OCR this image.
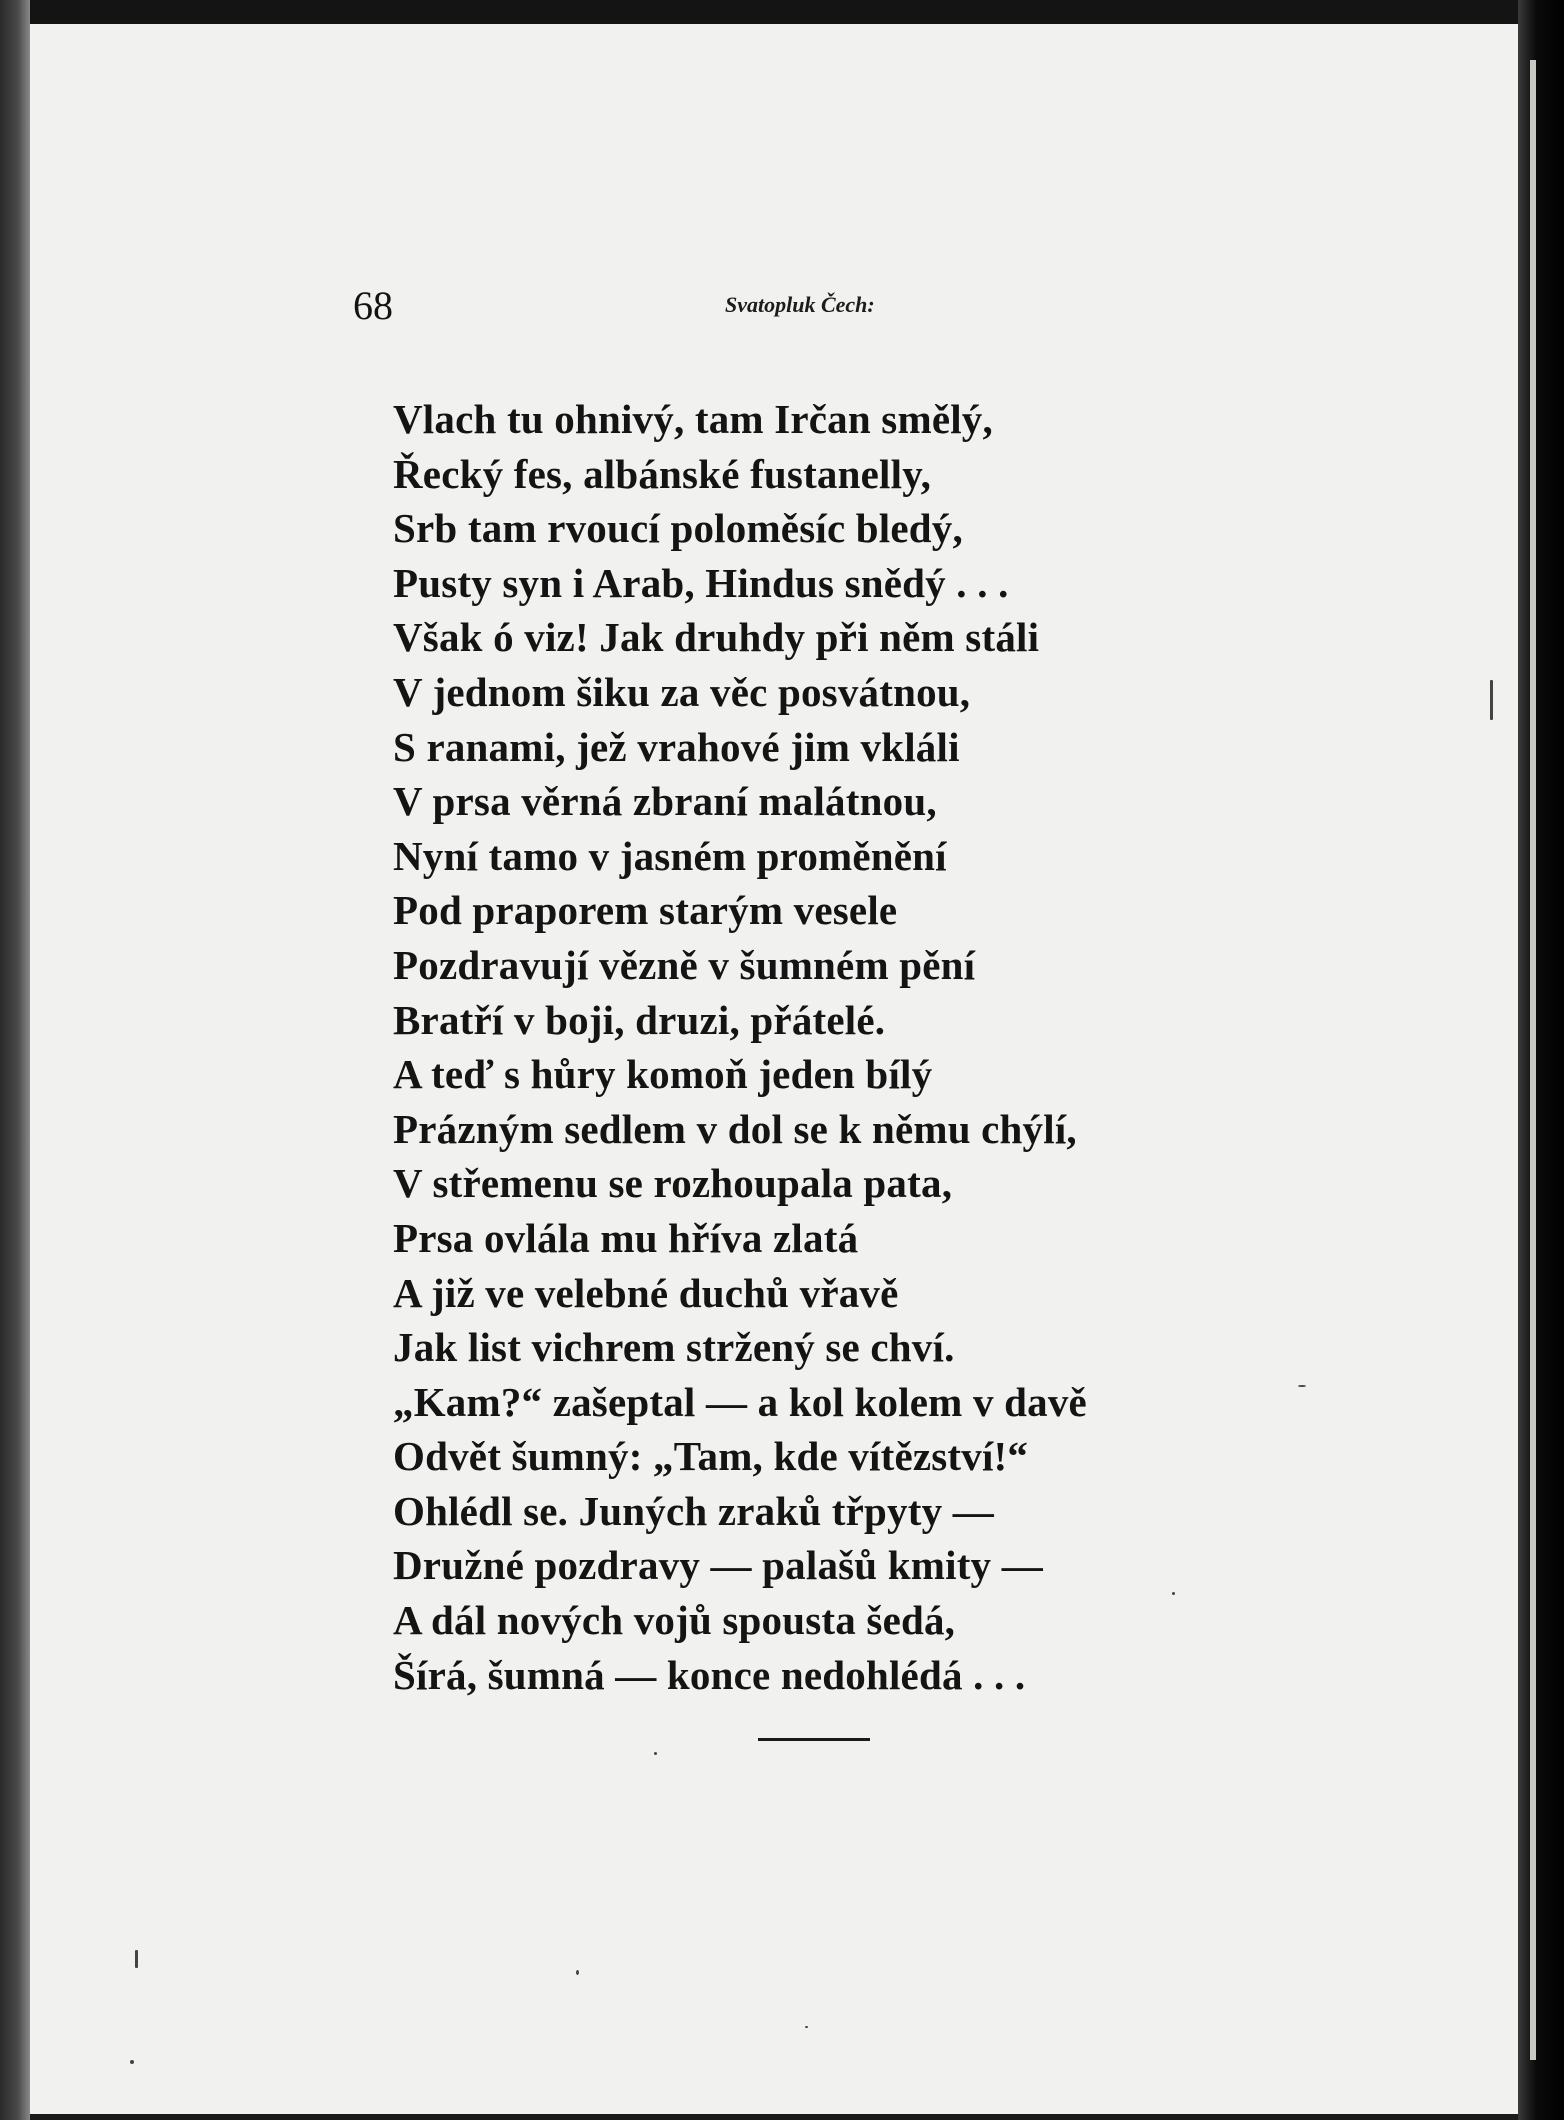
68	Svatopluk Čech:
Vlach tu ohnivý, tam Irčan smělý,
Řecký fes, albánské fustanelly,
Srb tam rvoucí poloměsíc bledý,
Pusty syn i Arab, Hindus snědý . . .
Však ó viz! Jak druhdy při něm stáli
V jednom šiku za věc posvátnou,
S ranami, jež vrahové jim vkláli
V prsa věrná zbraní malátnou,
Nyní tamo v jasném proměnění
Pod praporem starým vesele
Pozdravují vězně v šumném pění
Bratří v boji, druzi, přátelé.
A teď s hůry komoň jeden bílý
Prázným sedlem v dol se k němu chýlí,
V střemenu se rozhoupala pata,
Prsa ovlála mu hříva zlatá
A již ve velebné duchů vřavě
Jak list vichrem stržený se chví.
„Kam?“ zašeptal — a kol kolem v davě
Odvět šumný: „Tam, kde vítězství!“
Ohlédl se. Juných zraků třpyty —
Družné pozdravy — palašů kmity —
A dál nových vojů spousta šedá,
Šírá, šumná — konce nedohlédá . . .
